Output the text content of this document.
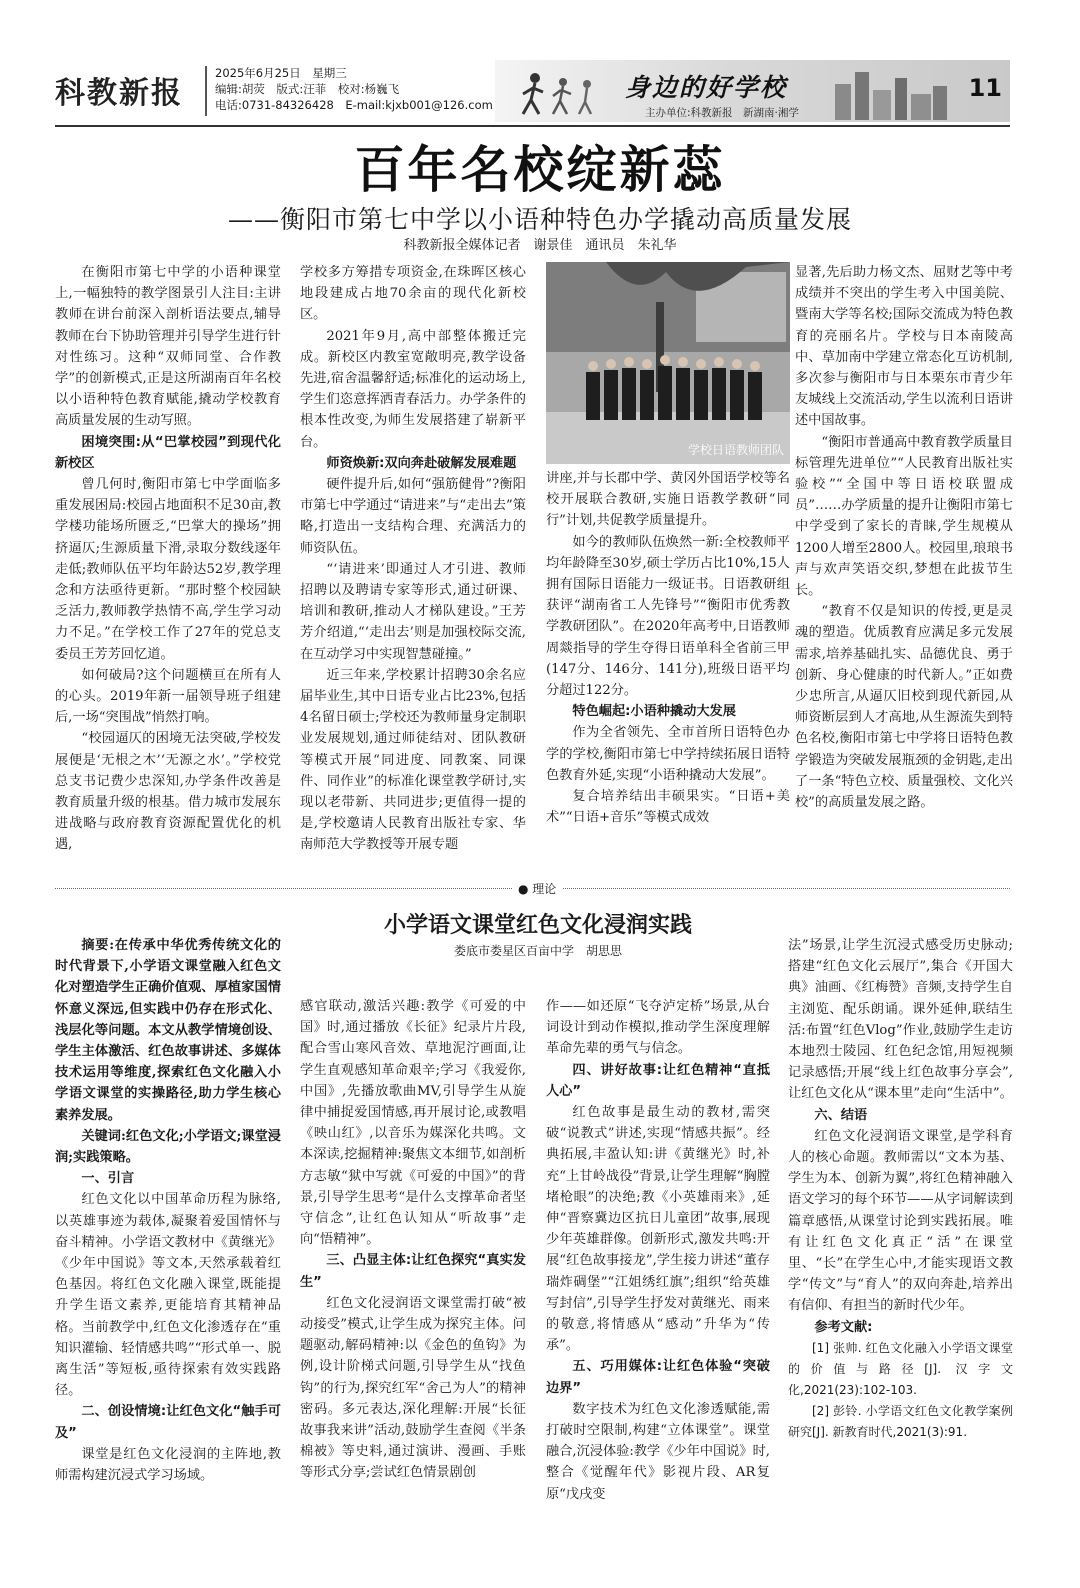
科教新报
2025年6月25日　星期三
编辑:胡荧　版式:汪菲　校对:杨巍飞
电话:0731-84326428　E-mail:kjxb001@126.com
身边的好学校
主办单位:科教新报　新湖南·湘学
11
百年名校绽新蕊
——衡阳市第七中学以小语种特色办学撬动高质量发展
科教新报全媒体记者　谢景佳　通讯员　朱礼华

在衡阳市第七中学的小语种课堂上,一幅独特的教学图景引人注目:主讲教师在讲台前深入剖析语法要点,辅导教师在台下协助管理并引导学生进行针对性练习。这种“双师同堂、合作教学”的创新模式,正是这所湖南百年名校以小语种特色教育赋能,撬动学校教育高质量发展的生动写照。

困境突围:从“巴掌校园”到现代化新校区

曾几何时,衡阳市第七中学面临多重发展困局:校园占地面积不足30亩,教学楼功能场所匮乏,“巴掌大的操场”拥挤逼仄;生源质量下滑,录取分数线逐年走低;教师队伍平均年龄达52岁,教学理念和方法亟待更新。“那时整个校园缺乏活力,教师教学热情不高,学生学习动力不足。”在学校工作了27年的党总支委员王芳芳回忆道。

如何破局?这个问题横亘在所有人的心头。2019年新一届领导班子组建后,一场“突围战”悄然打响。

“校园逼仄的困境无法突破,学校发展便是‘无根之木’‘无源之水’。”学校党总支书记费少忠深知,办学条件改善是教育质量升级的根基。借力城市发展东进战略与政府教育资源配置优化的机遇,

学校多方筹措专项资金,在珠晖区核心地段建成占地70余亩的现代化新校区。

2021年9月,高中部整体搬迁完成。新校区内教室宽敞明亮,教学设备先进,宿舍温馨舒适;标准化的运动场上,学生们恣意挥洒青春活力。办学条件的根本性改变,为师生发展搭建了崭新平台。

师资焕新:双向奔赴破解发展难题

硬件提升后,如何“强筋健骨”?衡阳市第七中学通过“请进来”与“走出去”策略,打造出一支结构合理、充满活力的师资队伍。

“‘请进来’即通过人才引进、教师招聘以及聘请专家等形式,通过研课、培训和教研,推动人才梯队建设。”王芳芳介绍道,“‘走出去’则是加强校际交流,在互动学习中实现智慧碰撞。”

近三年来,学校累计招聘30余名应届毕业生,其中日语专业占比23%,包括4名留日硕士;学校还为教师量身定制职业发展规划,通过师徒结对、团队教研等模式开展“同进度、同教案、同课件、同作业”的标准化课堂教学研讨,实现以老带新、共同进步;更值得一提的是,学校邀请人民教育出版社专家、华南师范大学教授等开展专题

学校日语教师团队

讲座,并与长郡中学、黄冈外国语学校等名校开展联合教研,实施日语教学教研“同行”计划,共促教学质量提升。

如今的教师队伍焕然一新:全校教师平均年龄降至30岁,硕士学历占比10%,15人拥有国际日语能力一级证书。日语教研组获评“湖南省工人先锋号”“衡阳市优秀教学教研团队”。在2020年高考中,日语教师周燚指导的学生夺得日语单科全省前三甲(147分、146分、141分),班级日语平均分超过122分。

特色崛起:小语种撬动大发展

作为全省领先、全市首所日语特色办学的学校,衡阳市第七中学持续拓展日语特色教育外延,实现“小语种撬动大发展”。

复合培养结出丰硕果实。“日语+美术”“日语+音乐”等模式成效

显著,先后助力杨文杰、屈财艺等中考成绩并不突出的学生考入中国美院、暨南大学等名校;国际交流成为特色教育的亮丽名片。学校与日本南陵高中、草加南中学建立常态化互访机制,多次参与衡阳市与日本栗东市青少年友城线上交流活动,学生以流利日语讲述中国故事。

“衡阳市普通高中教育教学质量目标管理先进单位”“人民教育出版社实验校”“全国中等日语校联盟成员”……办学质量的提升让衡阳市第七中学受到了家长的青睐,学生规模从1200人增至2800人。校园里,琅琅书声与欢声笑语交织,梦想在此拔节生长。

“教育不仅是知识的传授,更是灵魂的塑造。优质教育应满足多元发展需求,培养基础扎实、品德优良、勇于创新、身心健康的时代新人。”正如费少忠所言,从逼仄旧校到现代新园,从师资断层到人才高地,从生源流失到特色名校,衡阳市第七中学将日语特色教学锻造为突破发展瓶颈的金钥匙,走出了一条“特色立校、质量强校、文化兴校”的高质量发展之路。

● 理论
小学语文课堂红色文化浸润实践
娄底市娄星区百亩中学　胡思思

摘要:在传承中华优秀传统文化的时代背景下,小学语文课堂融入红色文化对塑造学生正确价值观、厚植家国情怀意义深远,但实践中仍存在形式化、浅层化等问题。本文从教学情境创设、学生主体激活、红色故事讲述、多媒体技术运用等维度,探索红色文化融入小学语文课堂的实操路径,助力学生核心素养发展。

关键词:红色文化;小学语文;课堂浸润;实践策略。

一、引言

红色文化以中国革命历程为脉络,以英雄事迹为载体,凝聚着爱国情怀与奋斗精神。小学语文教材中《黄继光》《少年中国说》等文本,天然承载着红色基因。将红色文化融入课堂,既能提升学生语文素养,更能培育其精神品格。当前教学中,红色文化渗透存在“重知识灌输、轻情感共鸣”“形式单一、脱离生活”等短板,亟待探索有效实践路径。

二、创设情境:让红色文化“触手可及”

课堂是红色文化浸润的主阵地,教师需构建沉浸式学习场域。

感官联动,激活兴趣:教学《可爱的中国》时,通过播放《长征》纪录片片段,配合雪山寒风音效、草地泥泞画面,让学生直观感知革命艰辛;学习《我爱你,中国》,先播放歌曲MV,引导学生从旋律中捕捉爱国情感,再开展讨论,或教唱《映山红》,以音乐为媒深化共鸣。文本深读,挖掘精神:聚焦文本细节,如剖析方志敏“狱中写就《可爱的中国》”的背景,引导学生思考“是什么支撑革命者坚守信念”,让红色认知从“听故事”走向“悟精神”。

三、凸显主体:让红色探究“真实发生”

红色文化浸润语文课堂需打破“被动接受”模式,让学生成为探究主体。问题驱动,解码精神:以《金色的鱼钩》为例,设计阶梯式问题,引导学生从“找鱼钩”的行为,探究红军“舍己为人”的精神密码。多元表达,深化理解:开展“长征故事我来讲”活动,鼓励学生查阅《半条棉被》等史料,通过演讲、漫画、手账等形式分享;尝试红色情景剧创

作——如还原“飞夺泸定桥”场景,从台词设计到动作模拟,推动学生深度理解革命先辈的勇气与信念。

四、讲好故事:让红色精神“直抵人心”

红色故事是最生动的教材,需突破“说教式”讲述,实现“情感共振”。经典拓展,丰盈认知:讲《黄继光》时,补充“上甘岭战役”背景,让学生理解“胸膛堵枪眼”的决绝;教《小英雄雨来》,延伸“晋察冀边区抗日儿童团”故事,展现少年英雄群像。创新形式,激发共鸣:开展“红色故事接龙”,学生接力讲述“董存瑞炸碉堡”“江姐绣红旗”;组织“给英雄写封信”,引导学生抒发对黄继光、雨来的敬意,将情感从“感动”升华为“传承”。

五、巧用媒体:让红色体验“突破边界”

数字技术为红色文化渗透赋能,需打破时空限制,构建“立体课堂”。课堂融合,沉浸体验:教学《少年中国说》时,整合《觉醒年代》影视片段、AR复原“戊戌变

法”场景,让学生沉浸式感受历史脉动;搭建“红色文化云展厅”,集合《开国大典》油画、《红梅赞》音频,支持学生自主浏览、配乐朗诵。课外延伸,联结生活:布置“红色Vlog”作业,鼓励学生走访本地烈士陵园、红色纪念馆,用短视频记录感悟;开展“线上红色故事分享会”,让红色文化从“课本里”走向“生活中”。

六、结语

红色文化浸润语文课堂,是学科育人的核心命题。教师需以“文本为基、学生为本、创新为翼”,将红色精神融入语文学习的每个环节——从字词解读到篇章感悟,从课堂讨论到实践拓展。唯有让红色文化真正“活”在课堂里、“长”在学生心中,才能实现语文教学“传文”与“育人”的双向奔赴,培养出有信仰、有担当的新时代少年。

参考文献:

[1] 张帅. 红色文化融入小学语文课堂的价值与路径[J]. 汉字文化,2021(23):102-103.

[2] 彭铃. 小学语文红色文化教学案例研究[J]. 新教育时代,2021(3):91.
